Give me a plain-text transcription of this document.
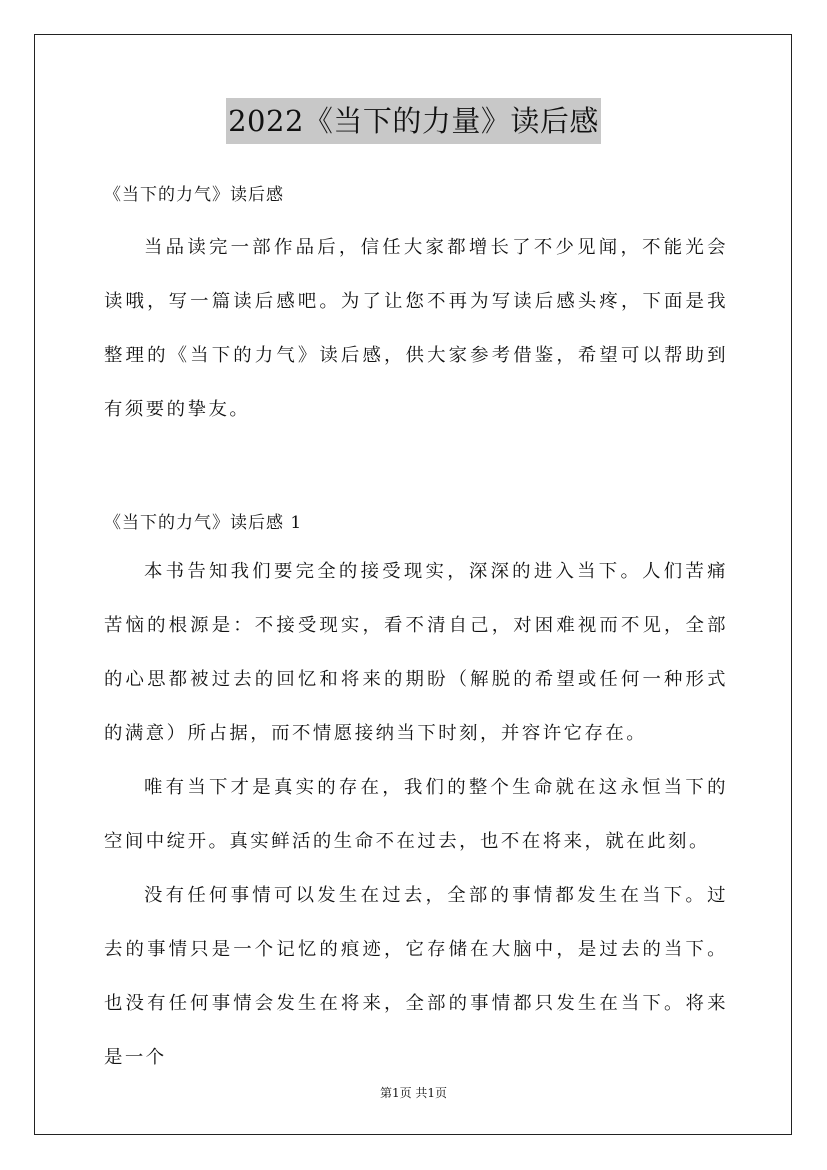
2022《当下的力量》读后感
《当下的力气》读后感

当品读完一部作品后，信任大家都增长了不少见闻，不能光会读哦，写一篇读后感吧。为了让您不再为写读后感头疼，下面是我整理的《当下的力气》读后感，供大家参考借鉴，希望可以帮助到有须要的挚友。

《当下的力气》读后感 1

本书告知我们要完全的接受现实，深深的进入当下。人们苦痛苦恼的根源是：不接受现实，看不清自己，对困难视而不见，全部的心思都被过去的回忆和将来的期盼（解脱的希望或任何一种形式的满意）所占据，而不情愿接纳当下时刻，并容许它存在。

唯有当下才是真实的存在，我们的整个生命就在这永恒当下的空间中绽开。真实鲜活的生命不在过去，也不在将来，就在此刻。

没有任何事情可以发生在过去，全部的事情都发生在当下。过去的事情只是一个记忆的痕迹，它存储在大脑中，是过去的当下。也没有任何事情会发生在将来，全部的事情都只发生在当下。将来是一个

第1页 共1页
